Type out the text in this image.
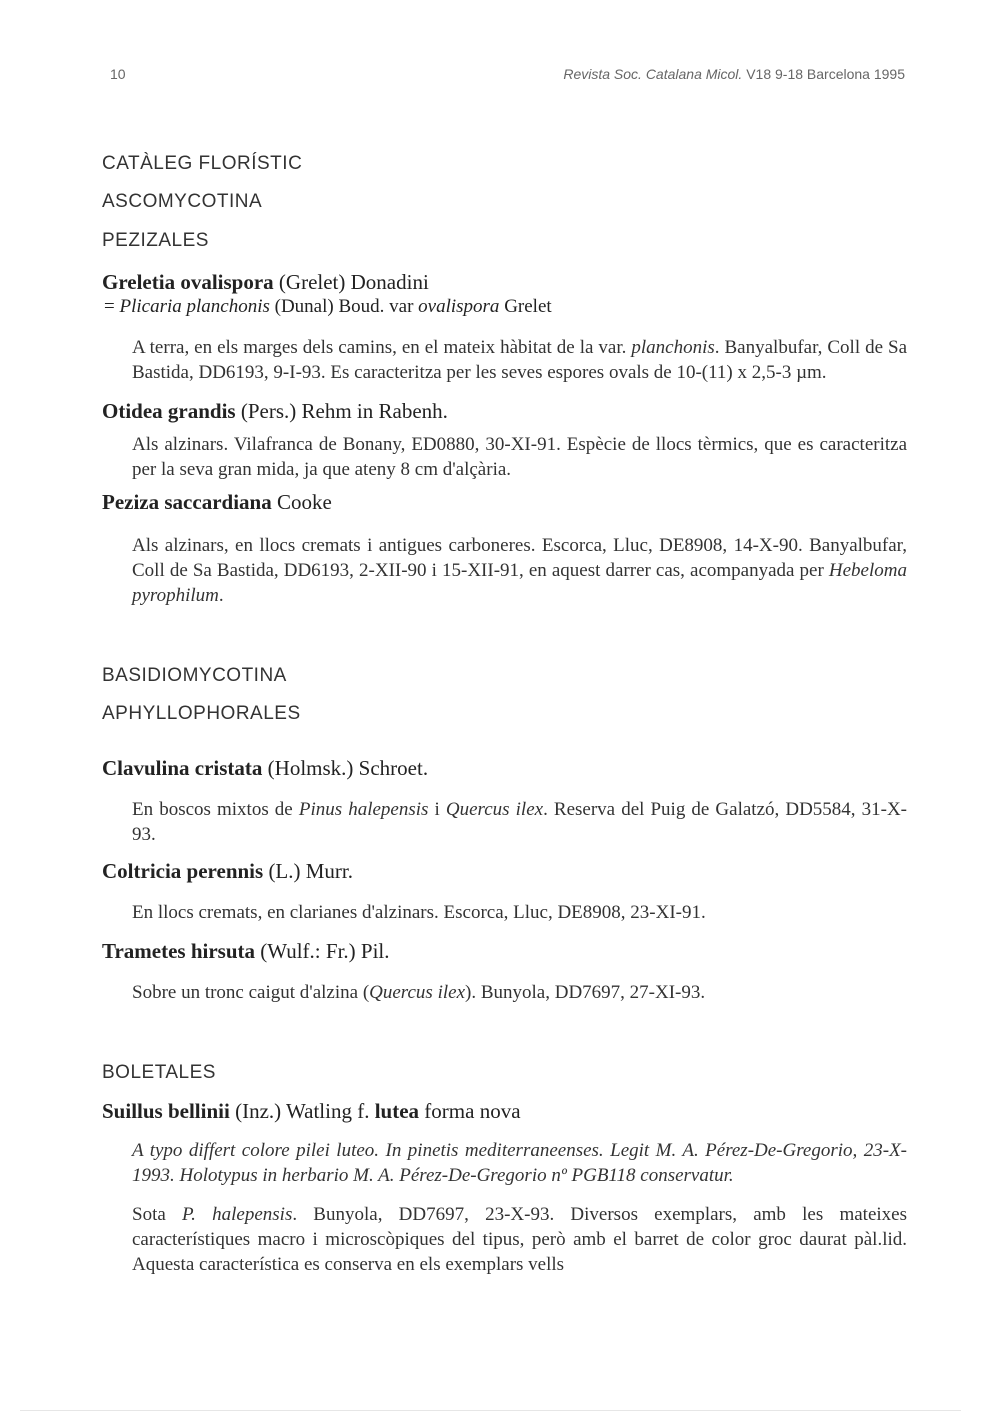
10	Revista Soc. Catalana Micol. V18 9-18 Barcelona 1995

CATÀLEG FLORÍSTIC

ASCOMYCOTINA

PEZIZALES

Greletia ovalispora (Grelet) Donadini

= Plicaria planchonis (Dunal) Boud. var ovalispora Grelet

A terra, en els marges dels camins, en el mateix hàbitat de la var. planchonis. Banyalbufar, Coll de Sa Bastida, DD6193, 9-I-93. Es caracteritza per les seves espores ovals de 10-(11) x 2,5-3 µm.

Otidea grandis (Pers.) Rehm in Rabenh.

Als alzinars. Vilafranca de Bonany, ED0880, 30-XI-91. Espècie de llocs tèrmics, que es caracteritza per la seva gran mida, ja que ateny 8 cm d'alçària.

Peziza saccardiana Cooke

Als alzinars, en llocs cremats i antigues carboneres. Escorca, Lluc, DE8908, 14-X-90. Banyalbufar, Coll de Sa Bastida, DD6193, 2-XII-90 i 15-XII-91, en aquest darrer cas, acompanyada per Hebeloma pyrophilum.

BASIDIOMYCOTINA

APHYLLOPHORALES

Clavulina cristata (Holmsk.) Schroet.

En boscos mixtos de Pinus halepensis i Quercus ilex. Reserva del Puig de Galatzó, DD5584, 31-X-93.

Coltricia perennis (L.) Murr.

En llocs cremats, en clarianes d'alzinars. Escorca, Lluc, DE8908, 23-XI-91.

Trametes hirsuta (Wulf.: Fr.) Pil.

Sobre un tronc caigut d'alzina (Quercus ilex). Bunyola, DD7697, 27-XI-93.

BOLETALES

Suillus bellinii (Inz.) Watling f. lutea forma nova

A typo differt colore pilei luteo. In pinetis mediterraneenses. Legit M. A. Pérez-De-Gregorio, 23-X-1993. Holotypus in herbario M. A. Pérez-De-Gregorio nº PGB118 conservatur.

Sota P. halepensis. Bunyola, DD7697, 23-X-93. Diversos exemplars, amb les mateixes característiques macro i microscòpiques del tipus, però amb el barret de color groc daurat pàl.lid. Aquesta característica es conserva en els exemplars vells
